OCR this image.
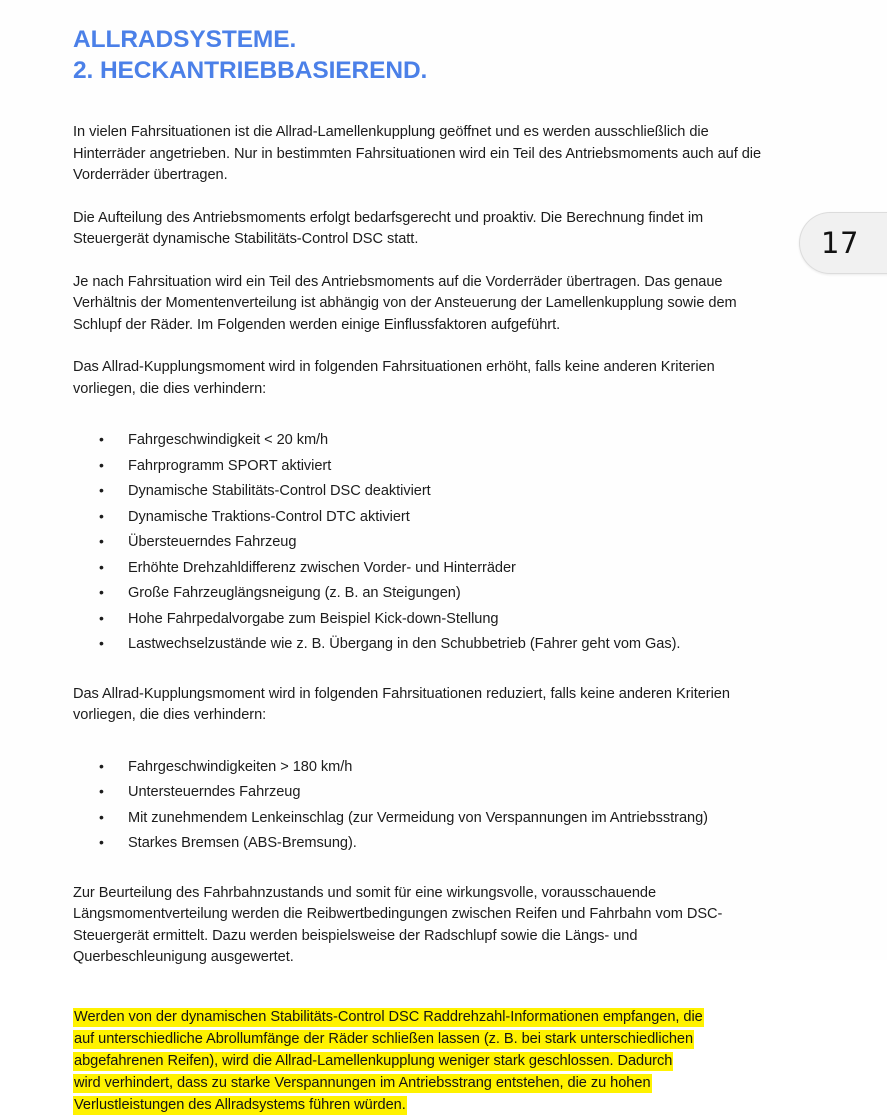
17
ALLRADSYSTEME.
2. HECKANTRIEBBASIEREND.

In vielen Fahrsituationen ist die Allrad-Lamellenkupplung geöffnet und es werden ausschließlich die Hinterräder angetrieben. Nur in bestimmten Fahrsituationen wird ein Teil des Antriebsmoments auch auf die Vorderräder übertragen.

Die Aufteilung des Antriebsmoments erfolgt bedarfsgerecht und proaktiv. Die Berechnung findet im Steuergerät dynamische Stabilitäts-Control DSC statt.

Je nach Fahrsituation wird ein Teil des Antriebsmoments auf die Vorderräder übertragen. Das genaue Verhältnis der Momentenverteilung ist abhängig von der Ansteuerung der Lamellenkupplung sowie dem Schlupf der Räder. Im Folgenden werden einige Einflussfaktoren aufgeführt.

Das Allrad-Kupplungsmoment wird in folgenden Fahrsituationen erhöht, falls keine anderen Kriterien vorliegen, die dies verhindern:

• Fahrgeschwindigkeit < 20 km/h
• Fahrprogramm SPORT aktiviert
• Dynamische Stabilitäts-Control DSC deaktiviert
• Dynamische Traktions-Control DTC aktiviert
• Übersteuerndes Fahrzeug
• Erhöhte Drehzahldifferenz zwischen Vorder- und Hinterräder
• Große Fahrzeuglängsneigung (z. B. an Steigungen)
• Hohe Fahrpedalvorgabe zum Beispiel Kick-down-Stellung
• Lastwechselzustände wie z. B. Übergang in den Schubbetrieb (Fahrer geht vom Gas).

Das Allrad-Kupplungsmoment wird in folgenden Fahrsituationen reduziert, falls keine anderen Kriterien vorliegen, die dies verhindern:

• Fahrgeschwindigkeiten > 180 km/h
• Untersteuerndes Fahrzeug
• Mit zunehmendem Lenkeinschlag (zur Vermeidung von Verspannungen im Antriebsstrang)
• Starkes Bremsen (ABS-Bremsung).

Zur Beurteilung des Fahrbahnzustands und somit für eine wirkungsvolle, vorausschauende Längsmomentverteilung werden die Reibwertbedingungen zwischen Reifen und Fahrbahn vom DSC-Steuergerät ermittelt. Dazu werden beispielsweise der Radschlupf sowie die Längs- und Querbeschleunigung ausgewertet.

Werden von der dynamischen Stabilitäts-Control DSC Raddrehzahl-Informationen empfangen, die
auf unterschiedliche Abrollumfänge der Räder schließen lassen (z. B. bei stark unterschiedlichen
abgefahrenen Reifen), wird die Allrad-Lamellenkupplung weniger stark geschlossen. Dadurch
wird verhindert, dass zu starke Verspannungen im Antriebsstrang entstehen, die zu hohen
Verlustleistungen des Allradsystems führen würden.
